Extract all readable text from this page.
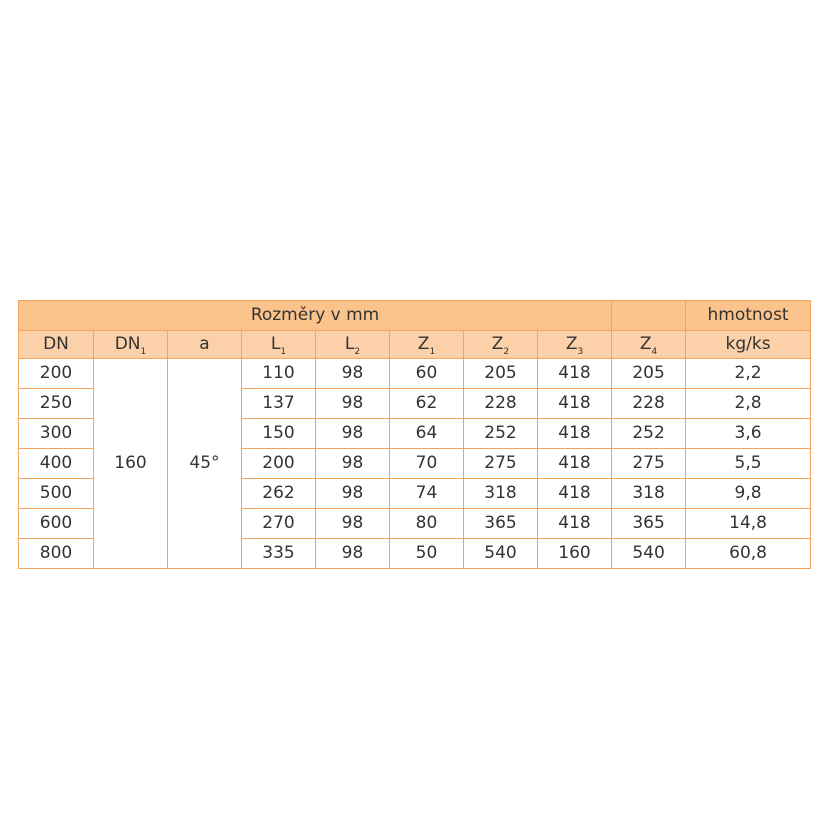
Rozměry v mm									hmotnost
DN	$DN_1$	a	$L_1$	$L_2$	$Z_1$	$Z_2$	$Z_3$	$Z_4$	kg/ks
200	160	45°	110	98	60	205	418	205	2,2
250			137	98	62	228	418	228	2,8
300			150	98	64	252	418	252	3,6
400			200	98	70	275	418	275	5,5
500			262	98	74	318	418	318	9,8
600			270	98	80	365	418	365	14,8
800			335	98	50	540	160	540	60,8
